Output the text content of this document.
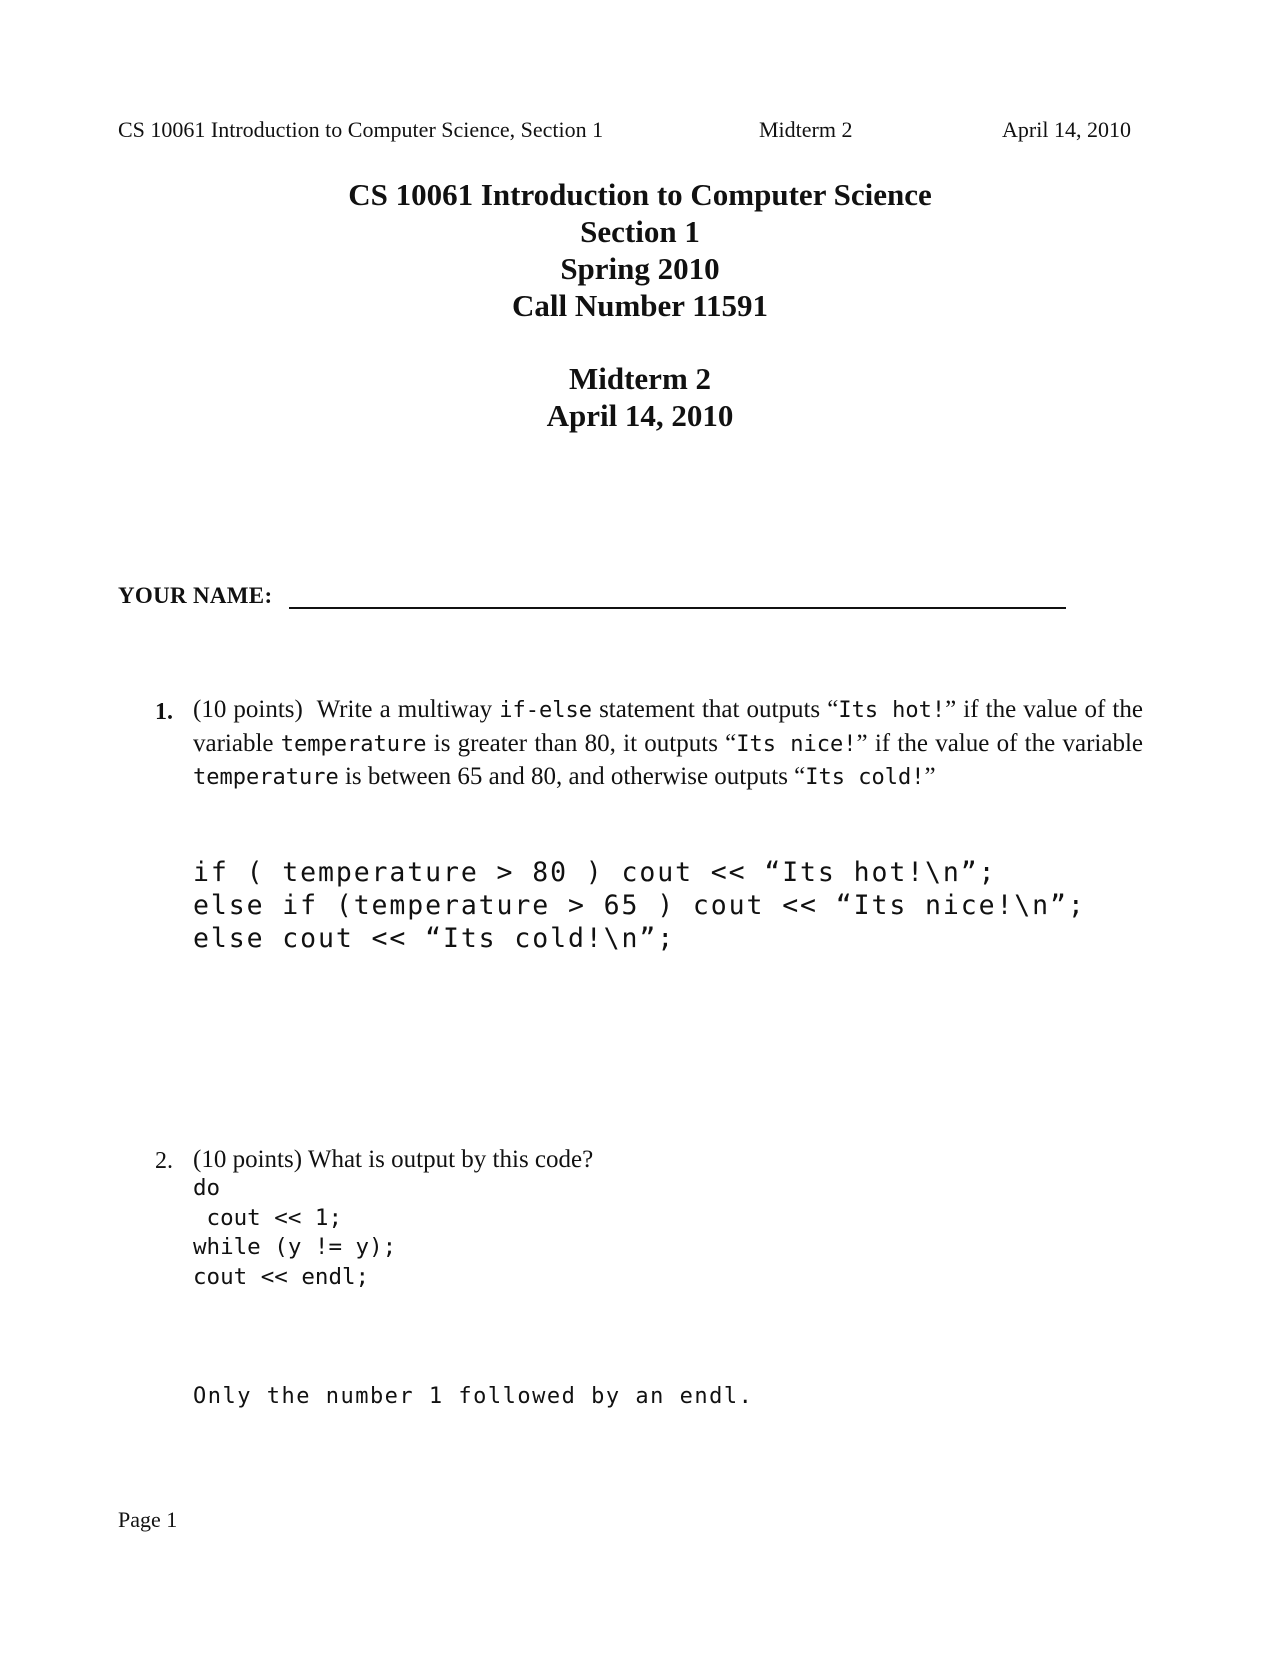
CS 10061 Introduction to Computer Science, Section 1	Midterm 2	April 14, 2010
CS 10061 Introduction to Computer Science
Section 1
Spring 2010
Call Number 11591
Midterm 2
April 14, 2010
YOUR NAME:
1. (10 points) Write a multiway if-else statement that outputs “Its hot!” if the value of the variable temperature is greater than 80, it outputs “Its nice!” if the value of the variable temperature is between 65 and 80, and otherwise outputs “Its cold!”
if ( temperature > 80 ) cout << “Its hot!\n”;
else if (temperature > 65 ) cout << “Its nice!\n”;
else cout << “Its cold!\n”;
2. (10 points) What is output by this code?
do
cout << 1;
while (y != y);
cout << endl;
Only the number 1 followed by an endl.
Page 1
